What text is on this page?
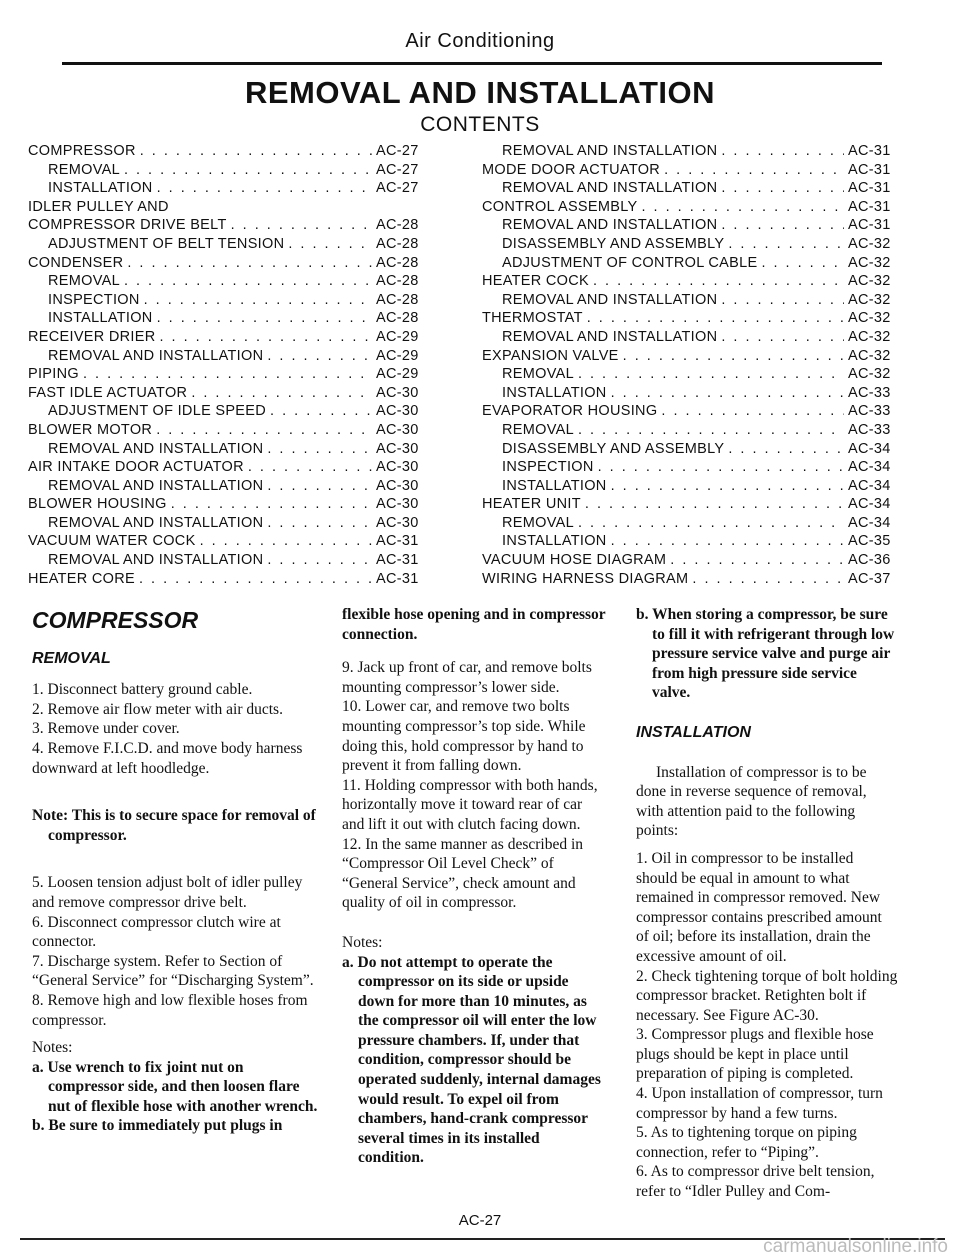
Air Conditioning
REMOVAL AND INSTALLATION
CONTENTS
COMPRESSOR . . .	AC-27
REMOVAL . . .	AC-27
INSTALLATION . . .	AC-27
IDLER PULLEY AND
COMPRESSOR DRIVE BELT . . .	AC-28
ADJUSTMENT OF BELT TENSION . . .	AC-28
CONDENSER . . .	AC-28
REMOVAL . . .	AC-28
INSPECTION . . .	AC-28
INSTALLATION . . .	AC-28
RECEIVER DRIER . . .	AC-29
REMOVAL AND INSTALLATION . . .	AC-29
PIPING . . .	AC-29
FAST IDLE ACTUATOR . . .	AC-30
ADJUSTMENT OF IDLE SPEED . . .	AC-30
BLOWER MOTOR . . .	AC-30
REMOVAL AND INSTALLATION . . .	AC-30
AIR INTAKE DOOR ACTUATOR . . .	AC-30
REMOVAL AND INSTALLATION . . .	AC-30
BLOWER HOUSING . . .	AC-30
REMOVAL AND INSTALLATION . . .	AC-30
VACUUM WATER COCK . . .	AC-31
REMOVAL AND INSTALLATION . . .	AC-31
HEATER CORE . . .	AC-31
REMOVAL AND INSTALLATION . . .	AC-31
MODE DOOR ACTUATOR . . .	AC-31
REMOVAL AND INSTALLATION . . .	AC-31
CONTROL ASSEMBLY . . .	AC-31
REMOVAL AND INSTALLATION . . .	AC-31
DISASSEMBLY AND ASSEMBLY . . .	AC-32
ADJUSTMENT OF CONTROL CABLE . . .	AC-32
HEATER COCK . . .	AC-32
REMOVAL AND INSTALLATION . . .	AC-32
THERMOSTAT . . .	AC-32
REMOVAL AND INSTALLATION . . .	AC-32
EXPANSION VALVE . . .	AC-32
REMOVAL . . .	AC-32
INSTALLATION . . .	AC-33
EVAPORATOR HOUSING . . .	AC-33
REMOVAL . . .	AC-33
DISASSEMBLY AND ASSEMBLY . . .	AC-34
INSPECTION . . .	AC-34
INSTALLATION . . .	AC-34
HEATER UNIT . . .	AC-34
REMOVAL . . .	AC-34
INSTALLATION . . .	AC-35
VACUUM HOSE DIAGRAM . . .	AC-36
WIRING HARNESS DIAGRAM . . .	AC-37
COMPRESSOR
REMOVAL

1. Disconnect battery ground cable.

2. Remove air flow meter with air ducts.

3. Remove under cover.

4. Remove F.I.C.D. and move body harness downward at left hoodledge.

Note: This is to secure space for removal of compressor.

5. Loosen tension adjust bolt of idler pulley and remove compressor drive belt.

6. Disconnect compressor clutch wire at connector.

7. Discharge system. Refer to Section of “General Service” for “Discharging System”.

8. Remove high and low flexible hoses from compressor.

Notes:

a. Use wrench to fix joint nut on compressor side, and then loosen flare nut of flexible hose with another wrench.

b. Be sure to immediately put plugs in

flexible hose opening and in compressor connection.

9. Jack up front of car, and remove bolts mounting compressor’s lower side.

10. Lower car, and remove two bolts mounting compressor’s top side. While doing this, hold compressor by hand to prevent it from falling down.

11. Holding compressor with both hands, horizontally move it toward rear of car and lift it out with clutch facing down.

12. In the same manner as described in “Compressor Oil Level Check” of “General Service”, check amount and quality of oil in compressor.

Notes:

a. Do not attempt to operate the compressor on its side or upside down for more than 10 minutes, as the compressor oil will enter the low pressure chambers. If, under that condition, compressor should be operated suddenly, internal damages would result. To expel oil from chambers, hand-crank compressor several times in its installed condition.

b. When storing a compressor, be sure to fill it with refrigerant through low pressure service valve and purge air from high pressure side service valve.

INSTALLATION

Installation of compressor is to be done in reverse sequence of removal, with attention paid to the following points:

1. Oil in compressor to be installed should be equal in amount to what remained in compressor removed. New compressor contains prescribed amount of oil; before its installation, drain the excessive amount of oil.

2. Check tightening torque of bolt holding compressor bracket. Retighten bolt if necessary. See Figure AC-30.

3. Compressor plugs and flexible hose plugs should be kept in place until preparation of piping is completed.

4. Upon installation of compressor, turn compressor by hand a few turns.

5. As to tightening torque on piping connection, refer to “Piping”.

6. As to compressor drive belt tension, refer to “Idler Pulley and Com-

AC-27
carmanualsonline.info
